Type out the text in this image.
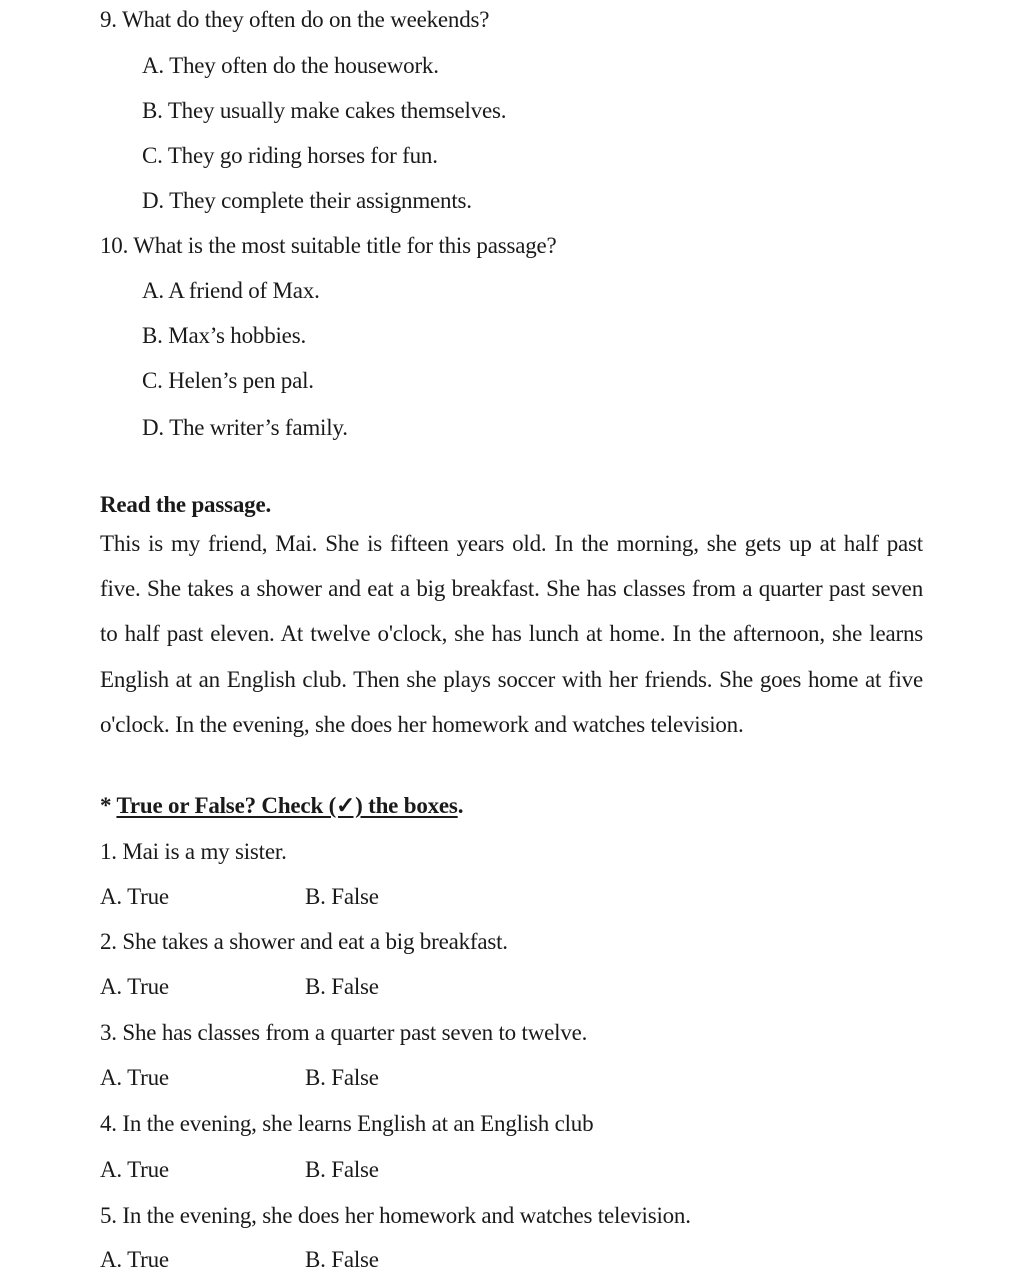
9. What do they often do on the weekends?
A. They often do the housework.
B. They usually make cakes themselves.
C. They go riding horses for fun.
D. They complete their assignments.
10. What is the most suitable title for this passage?
A. A friend of Max.
B. Max’s hobbies.
C. Helen’s pen pal.
D. The writer’s family.
Read the passage.

This is my friend, Mai. She is fifteen years old. In the morning, she gets up at half past five. She takes a shower and eat a big breakfast. She has classes from a quarter past seven to half past eleven. At twelve o'clock, she has lunch at home. In the afternoon, she learns English at an English club. Then she plays soccer with her friends. She goes home at five o'clock. In the evening, she does her homework and watches television.

* True or False? Check (✓) the boxes.
1. Mai is a my sister.
A. True	B. False
2. She takes a shower and eat a big breakfast.
A. True	B. False
3. She has classes from a quarter past seven to twelve.
A. True	B. False
4. In the evening, she learns English at an English club
A. True	B. False
5. In the evening, she does her homework and watches television.
A. True	B. False
